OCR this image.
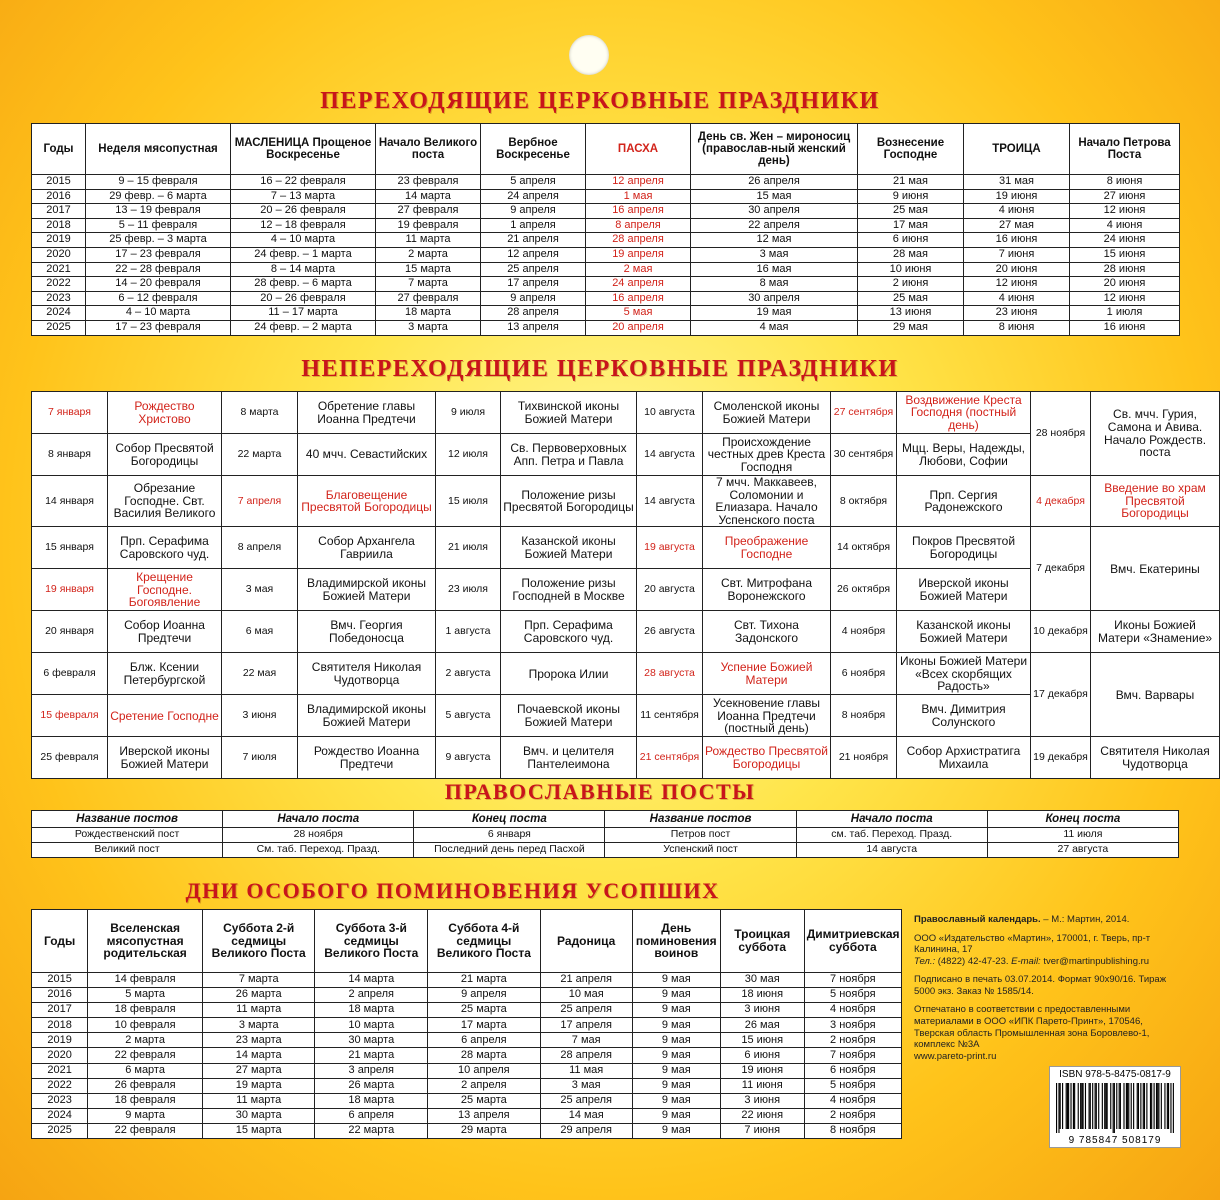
ПЕРЕХОДЯЩИЕ ЦЕРКОВНЫЕ ПРАЗДНИКИ
Годы	Неделя мясопустная	МАСЛЕНИЦА Прощеное Воскресенье	Начало Великого поста	Вербное Воскресенье	ПАСХА	День св. Жен – мироносиц (православ-ный женский день)	Вознесение Господне	ТРОИЦА	Начало Петрова Поста
2015	9 – 15 февраля	16 – 22 февраля	23 февраля	5 апреля	12 апреля	26 апреля	21 мая	31 мая	8 июня
2016	29 февр. – 6 марта	7 – 13 марта	14 марта	24 апреля	1 мая	15 мая	9 июня	19 июня	27 июня
2017	13 – 19 февраля	20 – 26 февраля	27 февраля	9 апреля	16 апреля	30 апреля	25 мая	4 июня	12 июня
2018	5 – 11 февраля	12 – 18 февраля	19 февраля	1 апреля	8 апреля	22 апреля	17 мая	27 мая	4 июня
2019	25 февр. – 3 марта	4 – 10 марта	11 марта	21 апреля	28 апреля	12 мая	6 июня	16 июня	24 июня
2020	17 – 23 февраля	24 февр. – 1 марта	2 марта	12 апреля	19 апреля	3 мая	28 мая	7 июня	15 июня
2021	22 – 28 февраля	8 – 14 марта	15 марта	25 апреля	2 мая	16 мая	10 июня	20 июня	28 июня
2022	14 – 20 февраля	28 февр. – 6 марта	7 марта	17 апреля	24 апреля	8 мая	2 июня	12 июня	20 июня
2023	6 – 12 февраля	20 – 26 февраля	27 февраля	9 апреля	16 апреля	30 апреля	25 мая	4 июня	12 июня
2024	4 – 10 марта	11 – 17 марта	18 марта	28 апреля	5 мая	19 мая	13 июня	23 июня	1 июля
2025	17 – 23 февраля	24 февр. – 2 марта	3 марта	13 апреля	20 апреля	4 мая	29 мая	8 июня	16 июня
НЕПЕРЕХОДЯЩИЕ ЦЕРКОВНЫЕ ПРАЗДНИКИ
7 января	Рождество Христово	8 марта	Обретение главы Иоанна Предтечи	9 июля	Тихвинской иконы Божией Матери	10 августа	Смоленской иконы Божией Матери	27 сентября	Воздвижение Креста Господня (постный день)	28 ноября	Св. мчч. Гурия, Самона и Авива. Начало Рождеств. поста
8 января	Собор Пресвятой Богородицы	22 марта	40 мчч. Севастийских	12 июля	Св. Первоверховных Апп. Петра и Павла	14 августа	Происхождение честных древ Креста Господня	30 сентября	Мцц. Веры, Надежды, Любови, Софии		
14 января	Обрезание Господне. Свт. Василия Великого	7 апреля	Благовещение Пресвятой Богородицы	15 июля	Положение ризы Пресвятой Богородицы	14 августа	7 мчч. Маккавеев, Соломонии и Елиазара. Начало Успенского поста	8 октября	Прп. Сергия Радонежского	4 декабря	Введение во храм Пресвятой Богородицы
15 января	Прп. Серафима Саровского чуд.	8 апреля	Собор Архангела Гавриила	21 июля	Казанской иконы Божией Матери	19 августа	Преображение Господне	14 октября	Покров Пресвятой Богородицы	7 декабря	Вмч. Екатерины
19 января	Крещение Господне. Богоявление	3 мая	Владимирской иконы Божией Матери	23 июля	Положение ризы Господней в Москве	20 августа	Свт. Митрофана Воронежского	26 октября	Иверской иконы Божией Матери		
20 января	Собор Иоанна Предтечи	6 мая	Вмч. Георгия Победоносца	1 августа	Прп. Серафима Саровского чуд.	26 августа	Свт. Тихона Задонского	4 ноября	Казанской иконы Божией Матери	10 декабря	Иконы Божией Матери «Знамение»
6 февраля	Блж. Ксении Петербургской	22 мая	Святителя Николая Чудотворца	2 августа	Пророка Илии	28 августа	Успение Божией Матери	6 ноября	Иконы Божией Матери «Всех скорбящих Радость»	17 декабря	Вмч. Варвары
15 февраля	Сретение Господне	3 июня	Владимирской иконы Божией Матери	5 августа	Почаевской иконы Божией Матери	11 сентября	Усекновение главы Иоанна Предтечи (постный день)	8 ноября	Вмч. Димитрия Солунского		
25 февраля	Иверской иконы Божией Матери	7 июля	Рождество Иоанна Предтечи	9 августа	Вмч. и целителя Пантелеимона	21 сентября	Рождество Пресвятой Богородицы	21 ноября	Собор Архистратига Михаила	19 декабря	Святителя Николая Чудотворца
ПРАВОСЛАВНЫЕ ПОСТЫ
Название постов	Начало поста	Конец поста	Название постов	Начало поста	Конец поста
Рождественский пост	28 ноября	6 января	Петров пост	см. таб. Переход. Празд.	11 июля
Великий пост	См. таб. Переход. Празд.	Последний день перед Пасхой	Успенский пост	14 августа	27 августа
ДНИ ОСОБОГО ПОМИНОВЕНИЯ УСОПШИХ
Годы	Вселенская мясопустная родительская	Суббота 2-й седмицы Великого Поста	Суббота 3-й седмицы Великого Поста	Суббота 4-й седмицы Великого Поста	Радоница	День поминовения воинов	Троицкая суббота	Димитриевская суббота
2015	14 февраля	7 марта	14 марта	21 марта	21 апреля	9 мая	30 мая	7 ноября
2016	5 марта	26 марта	2 апреля	9 апреля	10 мая	9 мая	18 июня	5 ноября
2017	18 февраля	11 марта	18 марта	25 марта	25 апреля	9 мая	3 июня	4 ноября
2018	10 февраля	3 марта	10 марта	17 марта	17 апреля	9 мая	26 мая	3 ноября
2019	2 марта	23 марта	30 марта	6 апреля	7 мая	9 мая	15 июня	2 ноября
2020	22 февраля	14 марта	21 марта	28 марта	28 апреля	9 мая	6 июня	7 ноября
2021	6 марта	27 марта	3 апреля	10 апреля	11 мая	9 мая	19 июня	6 ноября
2022	26 февраля	19 марта	26 марта	2 апреля	3 мая	9 мая	11 июня	5 ноября
2023	18 февраля	11 марта	18 марта	25 марта	25 апреля	9 мая	3 июня	4 ноября
2024	9 марта	30 марта	6 апреля	13 апреля	14 мая	9 мая	22 июня	2 ноября
2025	22 февраля	15 марта	22 марта	29 марта	29 апреля	9 мая	7 июня	8 ноября
Православный календарь. – М.: Мартин, 2014.
ООО «Издательство «Мартин», 170001, г. Тверь, пр-т Калинина, 17
Тел.: (4822) 42-47-23. E-mail: tver@martinpublishing.ru
Подписано в печать 03.07.2014. Формат 90x90/16. Тираж 5000 экз. Заказ № 1585/14.
Отпечатано в соответствии с предоставленными материалами в ООО «ИПК Парето-Принт», 170546, Тверская область Промышленная зона Боровлево-1, комплекс №3А
www.pareto-print.ru
ISBN 978-5-8475-0817-9
9 785847 508179
